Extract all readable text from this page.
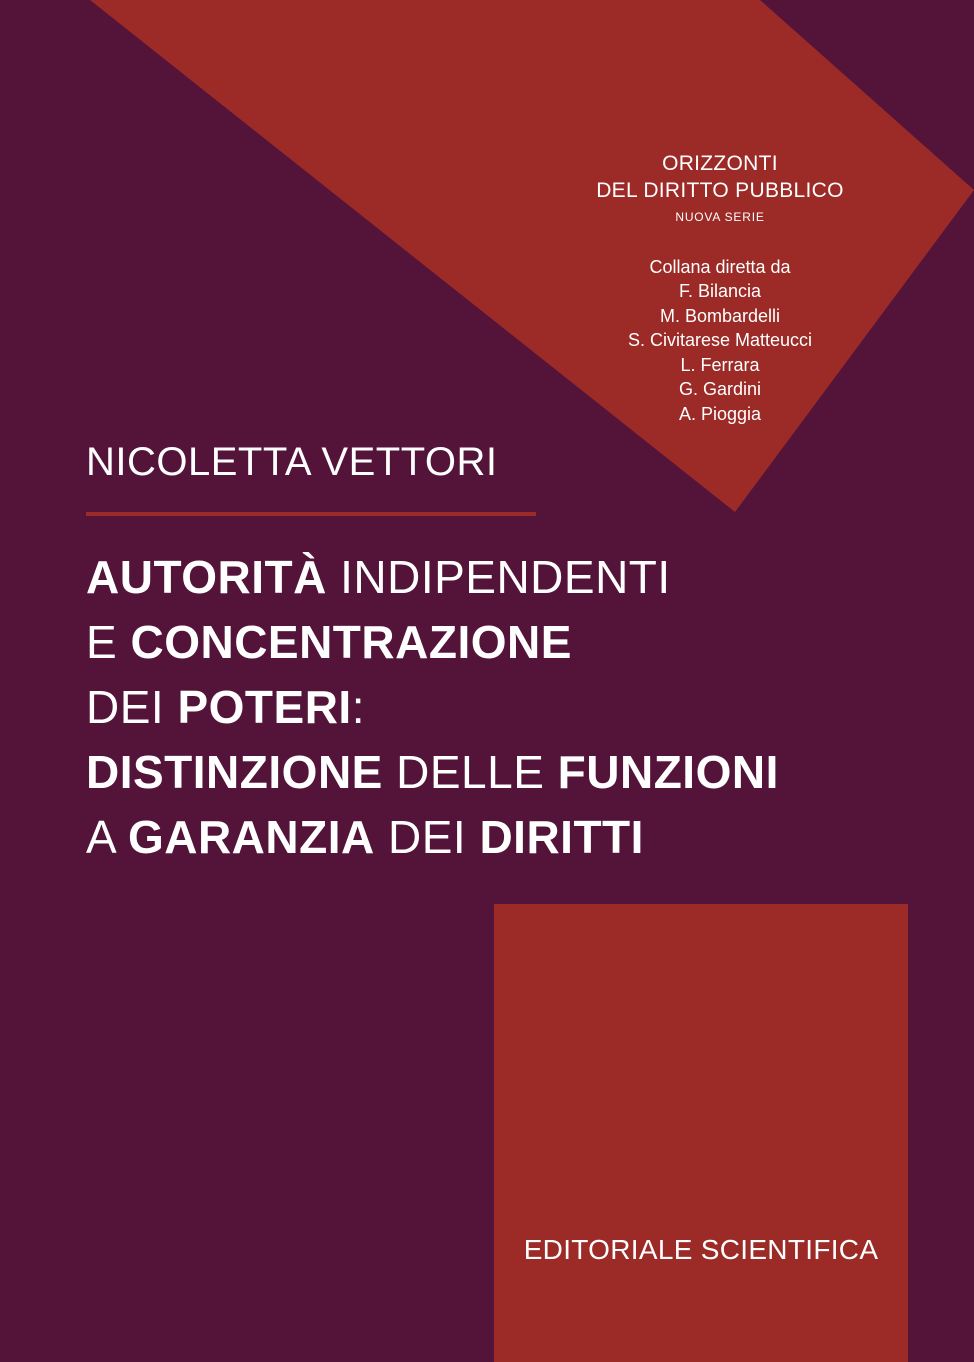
ORIZZONTI
DEL DIRITTO PUBBLICO
NUOVA SERIE
Collana diretta da
F. Bilancia
M. Bombardelli
S. Civitarese Matteucci
L. Ferrara
G. Gardini
A. Pioggia
NICOLETTA VETTORI
AUTORITÀ INDIPENDENTI
E CONCENTRAZIONE
DEI POTERI:
DISTINZIONE DELLE FUNZIONI
A GARANZIA DEI DIRITTI
EDITORIALE SCIENTIFICA
